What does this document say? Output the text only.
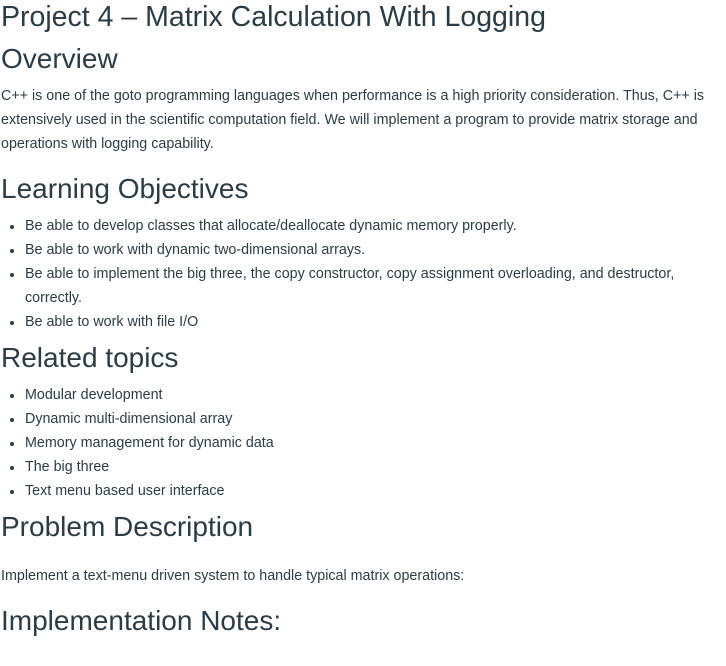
Project 4 – Matrix Calculation With Logging
Overview

C++ is one of the goto programming languages when performance is a high priority consideration. Thus, C++ is extensively used in the scientific computation field. We will implement a program to provide matrix storage and operations with logging capability.

Learning Objectives
Be able to develop classes that allocate/deallocate dynamic memory properly.
Be able to work with dynamic two-dimensional arrays.
Be able to implement the big three, the copy constructor, copy assignment overloading, and destructor, correctly.
Be able to work with file I/O
Related topics
Modular development
Dynamic multi-dimensional array
Memory management for dynamic data
The big three
Text menu based user interface
Problem Description

Implement a text-menu driven system to handle typical matrix operations:

Implementation Notes:
